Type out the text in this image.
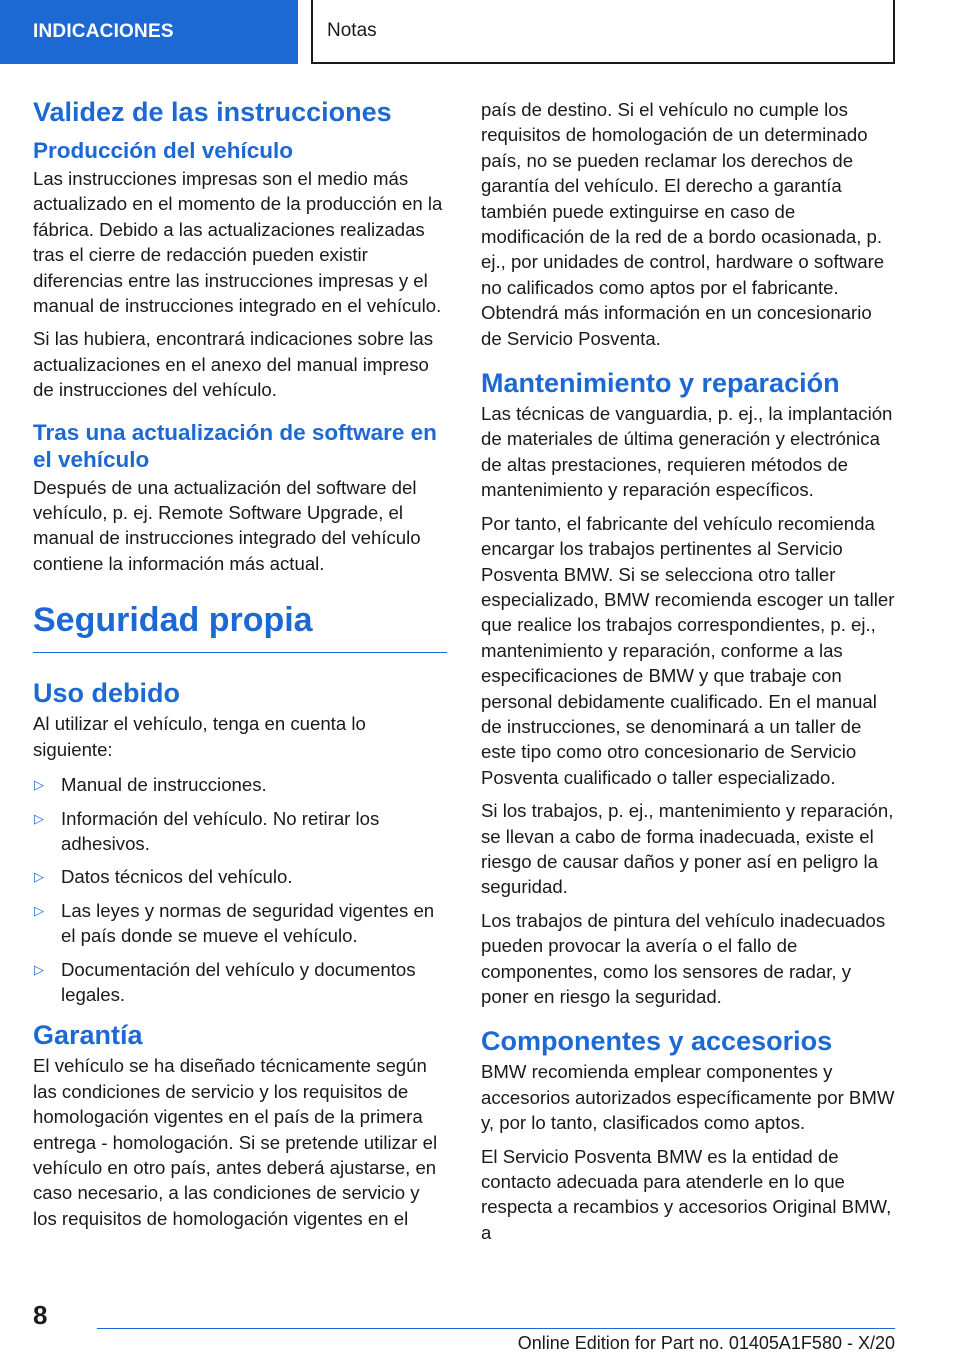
INDICACIONES	Notas
Validez de las instrucciones
Producción del vehículo

Las instrucciones impresas son el medio más actualizado en el momento de la producción en la fábrica. Debido a las actualizaciones realizadas tras el cierre de redacción pueden existir diferencias entre las instrucciones impresas y el manual de instrucciones integrado en el vehículo.

Si las hubiera, encontrará indicaciones sobre las actualizaciones en el anexo del manual impreso de instrucciones del vehículo.

Tras una actualización de software en el vehículo

Después de una actualización del software del vehículo, p. ej. Remote Software Upgrade, el manual de instrucciones integrado del vehículo contiene la información más actual.

Seguridad propia
Uso debido

Al utilizar el vehículo, tenga en cuenta lo siguiente:

▷ Manual de instrucciones.
▷ Información del vehículo. No retirar los adhesivos.
▷ Datos técnicos del vehículo.
▷ Las leyes y normas de seguridad vigentes en el país donde se mueve el vehículo.
▷ Documentación del vehículo y documentos legales.
Garantía

El vehículo se ha diseñado técnicamente según las condiciones de servicio y los requisitos de homologación vigentes en el país de la primera entrega - homologación. Si se pretende utilizar el vehículo en otro país, antes deberá ajustarse, en caso necesario, a las condiciones de servicio y los requisitos de homologación vigentes en el

país de destino. Si el vehículo no cumple los requisitos de homologación de un determinado país, no se pueden reclamar los derechos de garantía del vehículo. El derecho a garantía también puede extinguirse en caso de modificación de la red de a bordo ocasionada, p. ej., por unidades de control, hardware o software no calificados como aptos por el fabricante. Obtendrá más información en un concesionario de Servicio Posventa.

Mantenimiento y reparación

Las técnicas de vanguardia, p. ej., la implantación de materiales de última generación y electrónica de altas prestaciones, requieren métodos de mantenimiento y reparación específicos.

Por tanto, el fabricante del vehículo recomienda encargar los trabajos pertinentes al Servicio Posventa BMW. Si se selecciona otro taller especializado, BMW recomienda escoger un taller que realice los trabajos correspondientes, p. ej., mantenimiento y reparación, conforme a las especificaciones de BMW y que trabaje con personal debidamente cualificado. En el manual de instrucciones, se denominará a un taller de este tipo como otro concesionario de Servicio Posventa cualificado o taller especializado.

Si los trabajos, p. ej., mantenimiento y reparación, se llevan a cabo de forma inadecuada, existe el riesgo de causar daños y poner así en peligro la seguridad.

Los trabajos de pintura del vehículo inadecuados pueden provocar la avería o el fallo de componentes, como los sensores de radar, y poner en riesgo la seguridad.

Componentes y accesorios

BMW recomienda emplear componentes y accesorios autorizados específicamente por BMW y, por lo tanto, clasificados como aptos.

El Servicio Posventa BMW es la entidad de contacto adecuada para atenderle en lo que respecta a recambios y accesorios Original BMW, a

8
Online Edition for Part no. 01405A1F580 - X/20
